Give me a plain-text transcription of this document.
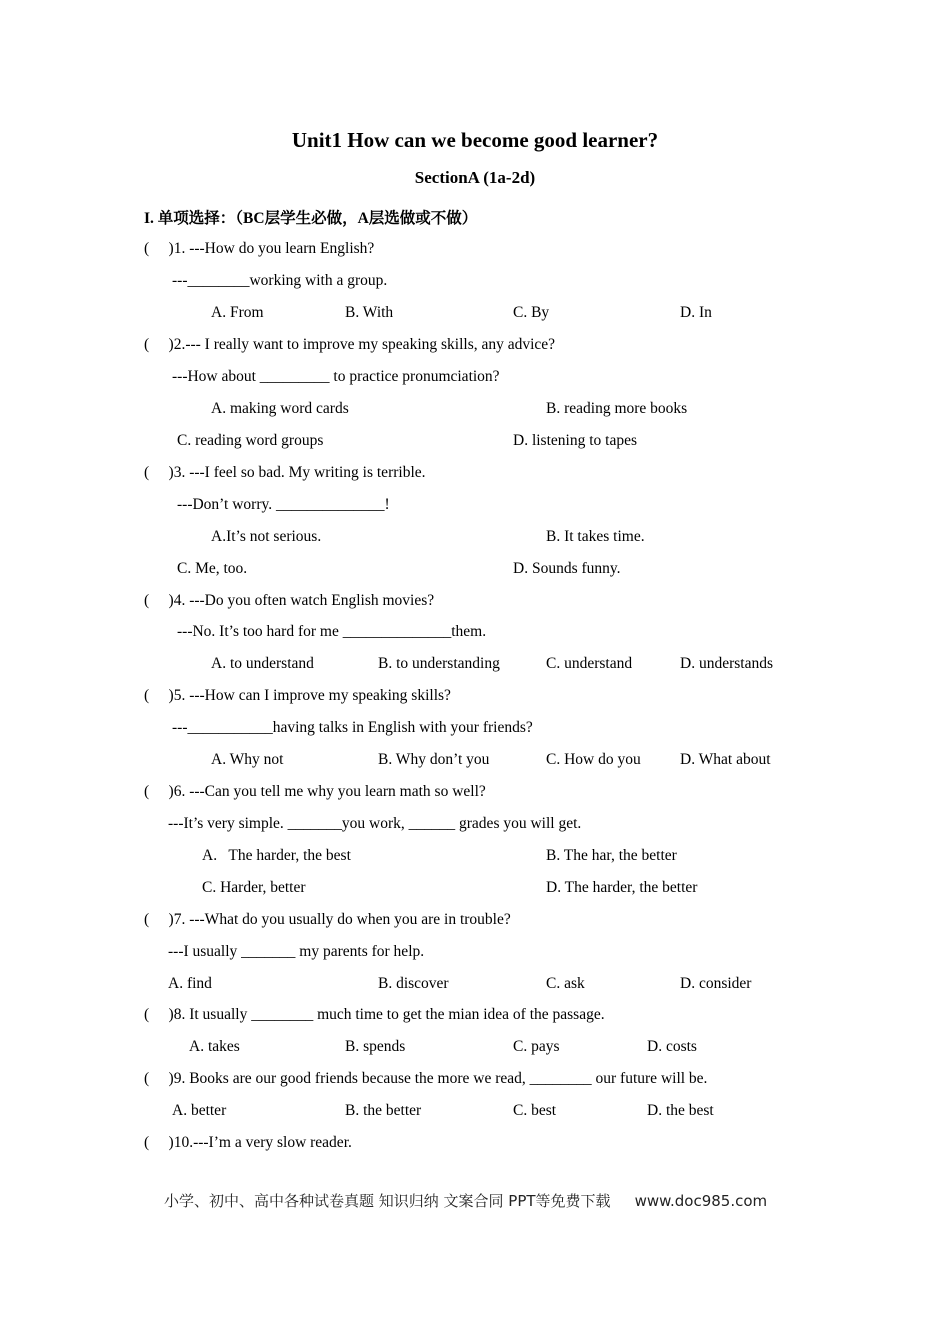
Unit1 How can we become good learner?
SectionA (1a-2d)
I. 单项选择：（BC层学生必做，A层选做或不做）
(     )1. ---How do you learn English?
---________working with a group.
A. From	B. With	C. By	D. In
(     )2.--- I really want to improve my speaking skills, any advice?
---How about _________ to practice pronumciation?
A. making word cards	B. reading more books
C. reading word groups	D. listening to tapes
(     )3. ---I feel so bad. My writing is terrible.
---Don’t worry. ______________!
A.It’s not serious.	B. It takes time.
C. Me, too.	D. Sounds funny.
(     )4. ---Do you often watch English movies?
---No. It’s too hard for me ______________them.
A. to understand	B. to understanding	C. understand	D. understands
(     )5. ---How can I improve my speaking skills?
---___________having talks in English with your friends?
A. Why not	B. Why don’t you	C. How do you	D. What about
(     )6. ---Can you tell me why you learn math so well?
---It’s very simple. _______you work, ______ grades you will get.
A.   The harder, the best	B. The har, the better
C. Harder, better	D. The harder, the better
(     )7. ---What do you usually do when you are in trouble?
---I usually _______ my parents for help.
A. find	B. discover	C. ask	D. consider
(     )8. It usually ________ much time to get the mian idea of the passage.
A. takes	B. spends	C. pays	D. costs
(     )9. Books are our good friends because the more we read, ________ our future will be.
A. better	B. the better	C. best	D. the best
(     )10.---I’m a very slow reader.
小学、初中、高中各种试卷真题 知识归纳 文案合同 PPT等免费下载 www.doc985.com
